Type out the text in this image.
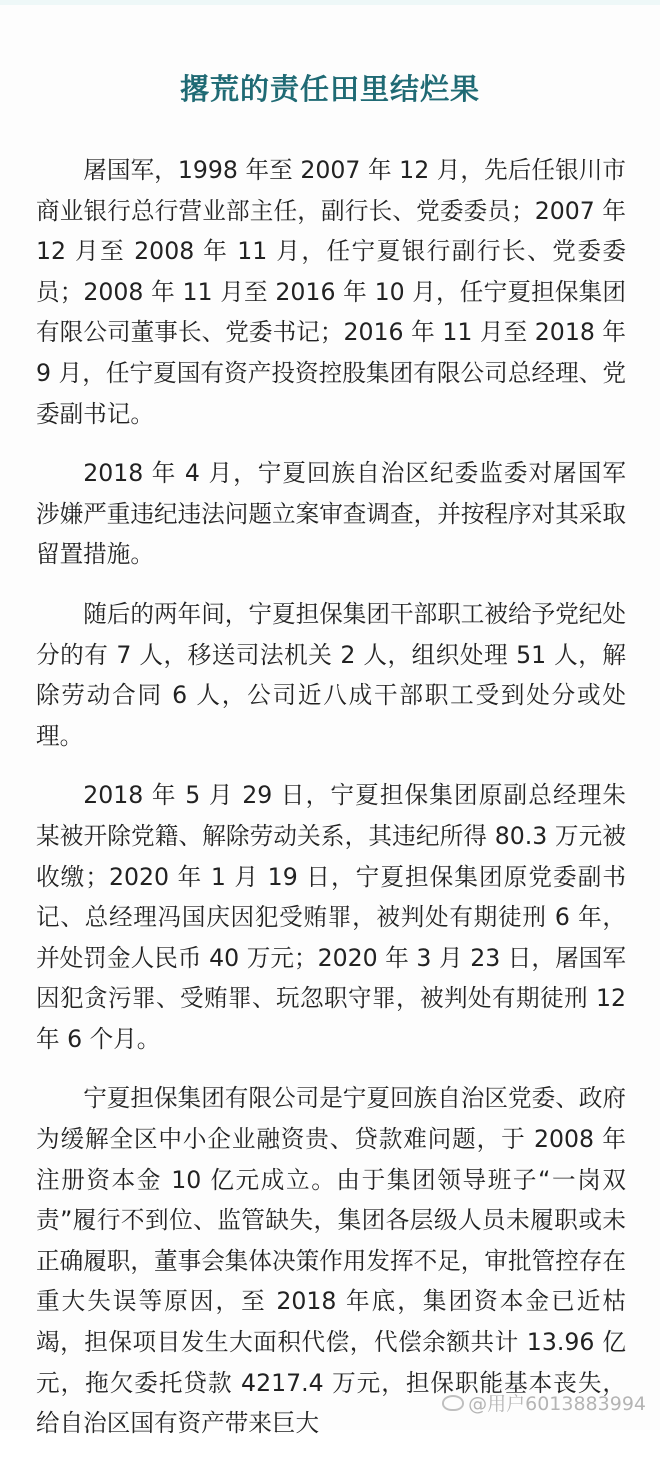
撂荒的责任田里结烂果

屠国军，1998 年至 2007 年 12 月，先后任银川市商业银行总行营业部主任，副行长、党委委员；2007 年 12 月至 2008 年 11 月，任宁夏银行副行长、党委委员；2008 年 11 月至 2016 年 10 月，任宁夏担保集团有限公司董事长、党委书记；2016 年 11 月至 2018 年 9 月，任宁夏国有资产投资控股集团有限公司总经理、党委副书记。

2018 年 4 月，宁夏回族自治区纪委监委对屠国军涉嫌严重违纪违法问题立案审查调查，并按程序对其采取留置措施。

随后的两年间，宁夏担保集团干部职工被给予党纪处分的有 7 人，移送司法机关 2 人，组织处理 51 人，解除劳动合同 6 人，公司近八成干部职工受到处分或处理。

2018 年 5 月 29 日，宁夏担保集团原副总经理朱某被开除党籍、解除劳动关系，其违纪所得 80.3 万元被收缴；2020 年 1 月 19 日，宁夏担保集团原党委副书记、总经理冯国庆因犯受贿罪，被判处有期徒刑 6 年，并处罚金人民币 40 万元；2020 年 3 月 23 日，屠国军因犯贪污罪、受贿罪、玩忽职守罪，被判处有期徒刑 12 年 6 个月。

宁夏担保集团有限公司是宁夏回族自治区党委、政府为缓解全区中小企业融资贵、贷款难问题，于 2008 年注册资本金 10 亿元成立。由于集团领导班子“一岗双责”履行不到位、监管缺失，集团各层级人员未履职或未正确履职，董事会集体决策作用发挥不足，审批管控存在重大失误等原因，至 2018 年底，集团资本金已近枯竭，担保项目发生大面积代偿，代偿余额共计 13.96 亿元，拖欠委托贷款 4217.4 万元，担保职能基本丧失，给自治区国有资产带来巨大

@用户6013883994
